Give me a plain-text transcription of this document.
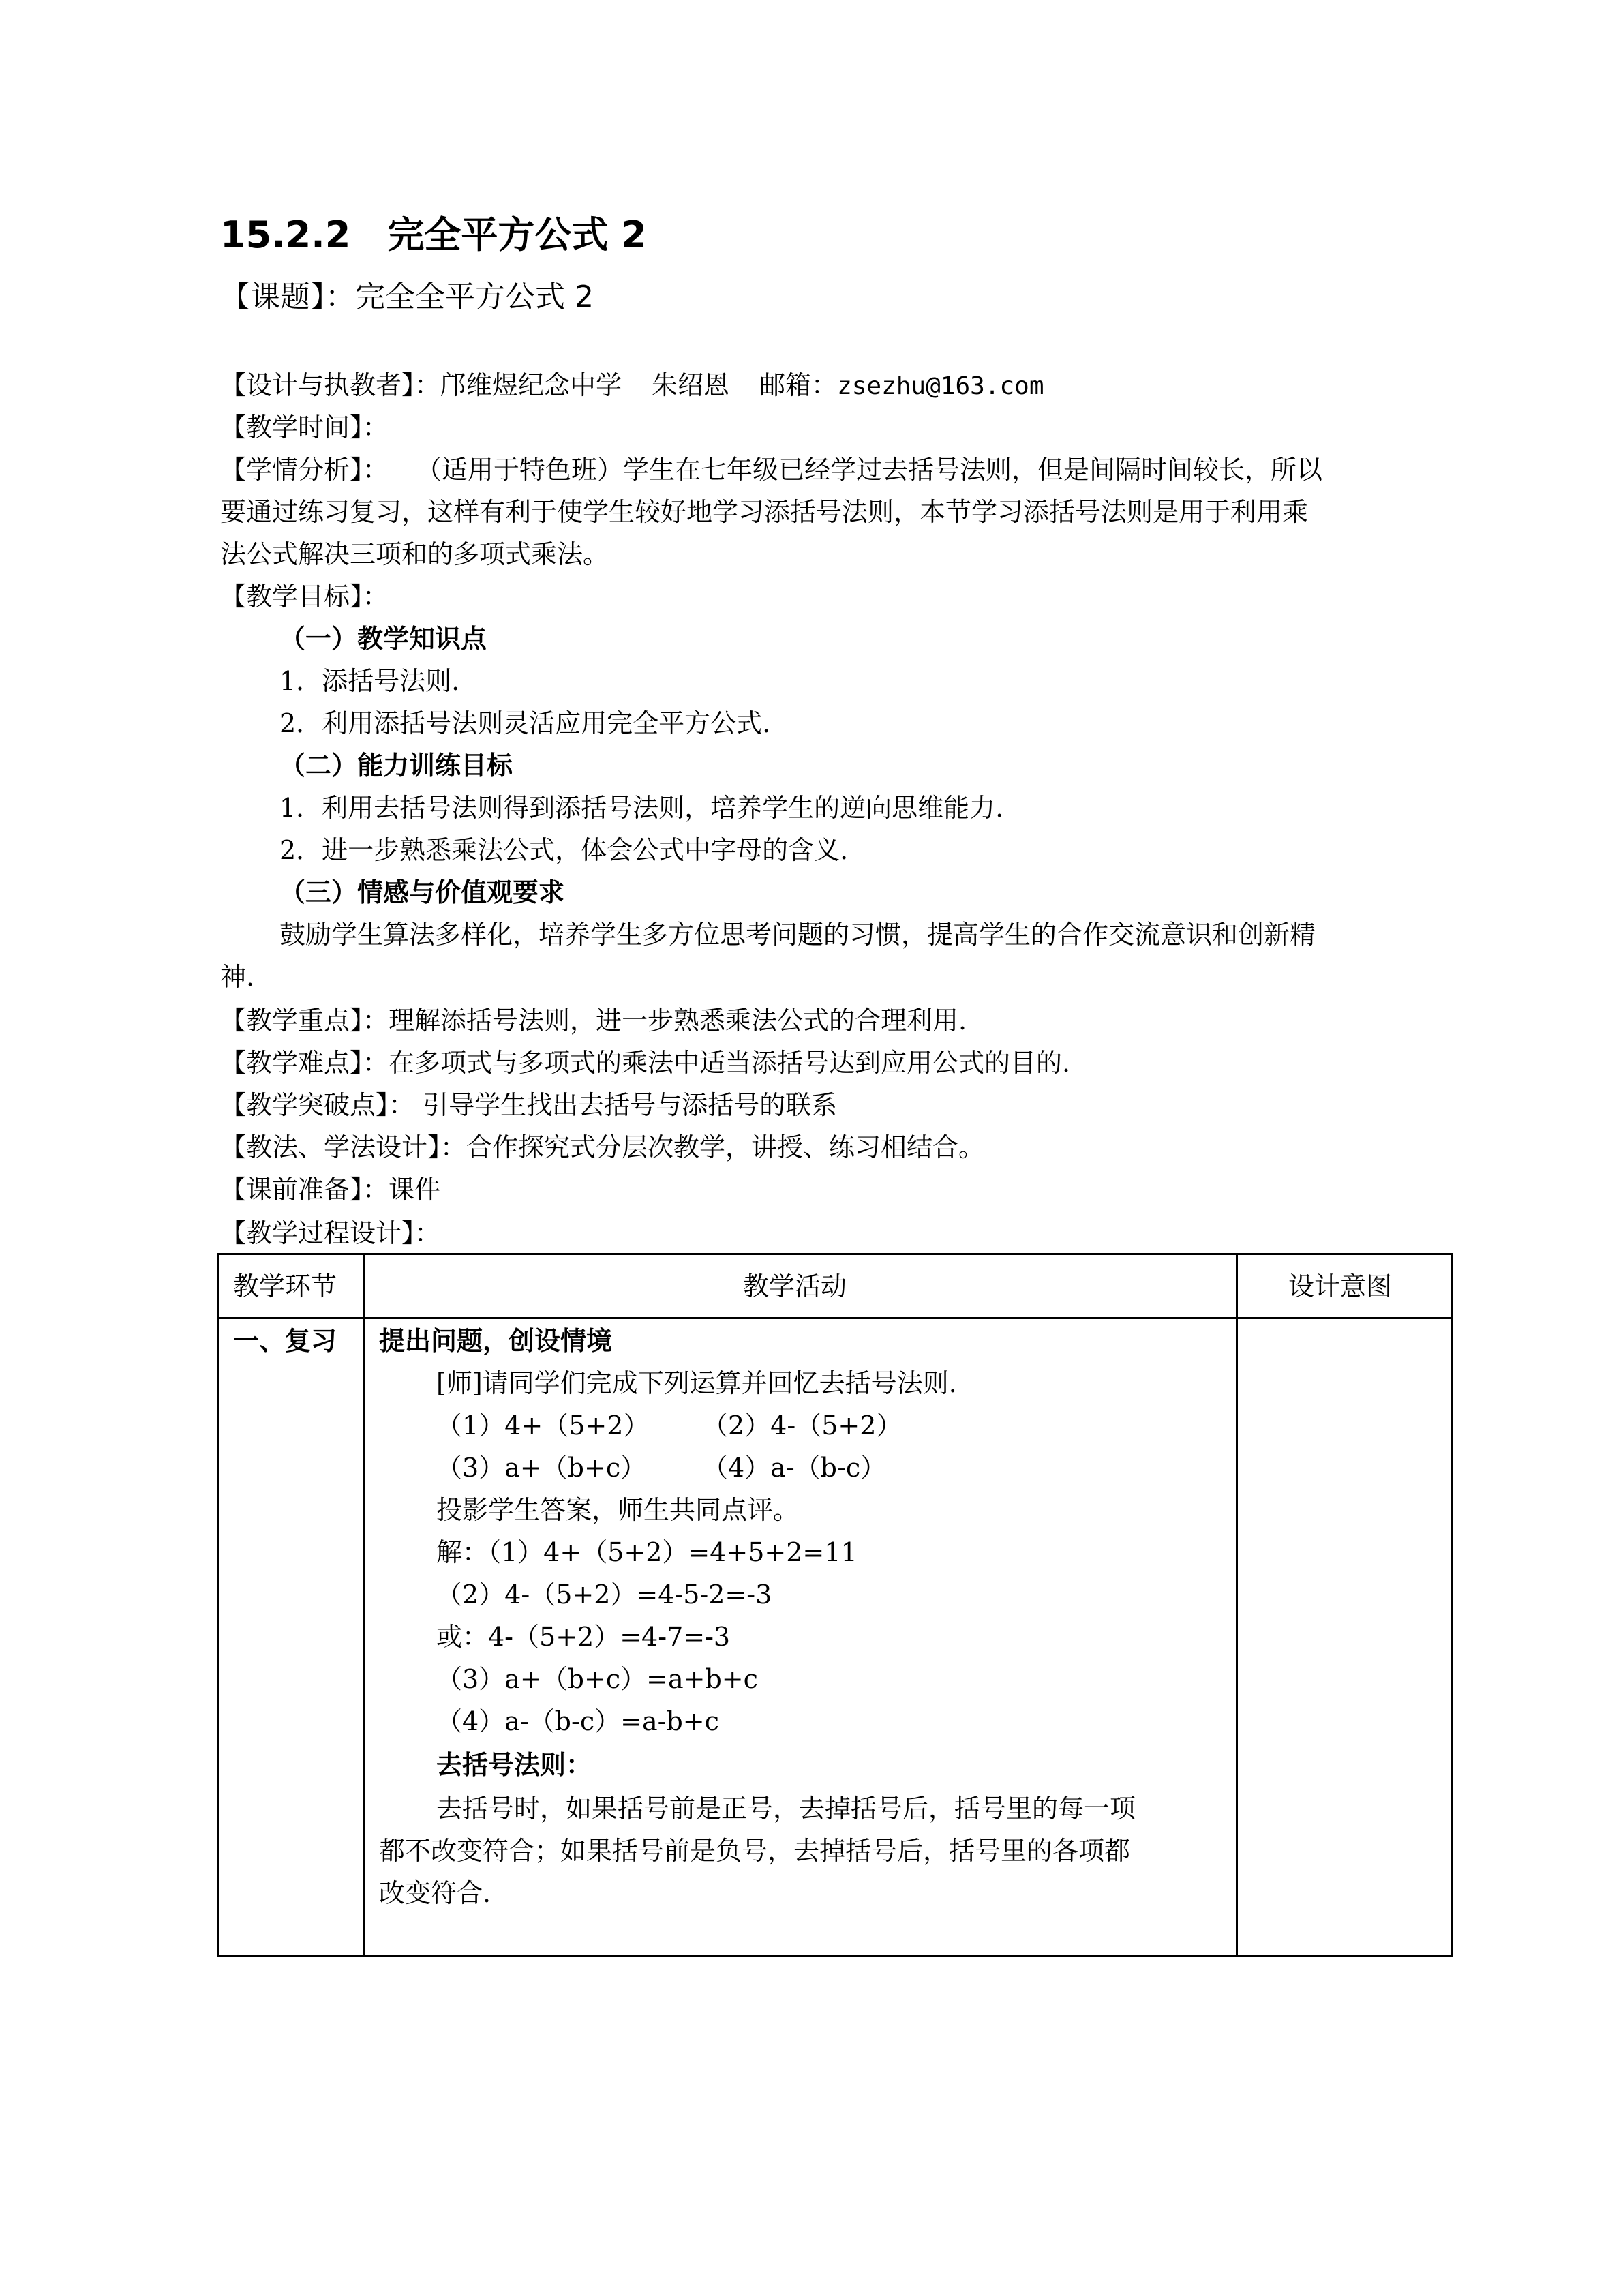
15.2.2　完全平方公式 2
【课题】：完全全平方公式 2
【设计与执教者】：邝维煜纪念中学 朱绍恩 邮箱：zsezhu@163.com
【教学时间】：
【学情分析】： （适用于特色班）学生在七年级已经学过去括号法则，但是间隔时间较长，所以
要通过练习复习，这样有利于使学生较好地学习添括号法则，本节学习添括号法则是用于利用乘
法公式解决三项和的多项式乘法。
【教学目标】：
（一）教学知识点
1．添括号法则.
2．利用添括号法则灵活应用完全平方公式.
（二）能力训练目标
1．利用去括号法则得到添括号法则，培养学生的逆向思维能力.
2．进一步熟悉乘法公式，体会公式中字母的含义.
（三）情感与价值观要求
鼓励学生算法多样化，培养学生多方位思考问题的习惯，提高学生的合作交流意识和创新精
神.
【教学重点】：理解添括号法则，进一步熟悉乘法公式的合理利用.
【教学难点】：在多项式与多项式的乘法中适当添括号达到应用公式的目的.
【教学突破点】： 引导学生找出去括号与添括号的联系
【教法、学法设计】：合作探究式分层次教学，讲授、练习相结合。
【课前准备】：课件
【教学过程设计】：
教学环节	教学活动	设计意图
一、复习 提出问题，创设情境
[师]请同学们完成下列运算并回忆去括号法则.
（1）4+（5+2） （2）4-（5+2）
（3）a+（b+c） （4）a-（b-c）
投影学生答案，师生共同点评。
解：（1）4+（5+2）=4+5+2=11
（2）4-（5+2）=4-5-2=-3
或：4-（5+2）=4-7=-3
（3）a+（b+c）=a+b+c
（4）a-（b-c）=a-b+c
去括号法则：
去括号时，如果括号前是正号，去掉括号后，括号里的每一项
都不改变符合；如果括号前是负号，去掉括号后，括号里的各项都
改变符合.
